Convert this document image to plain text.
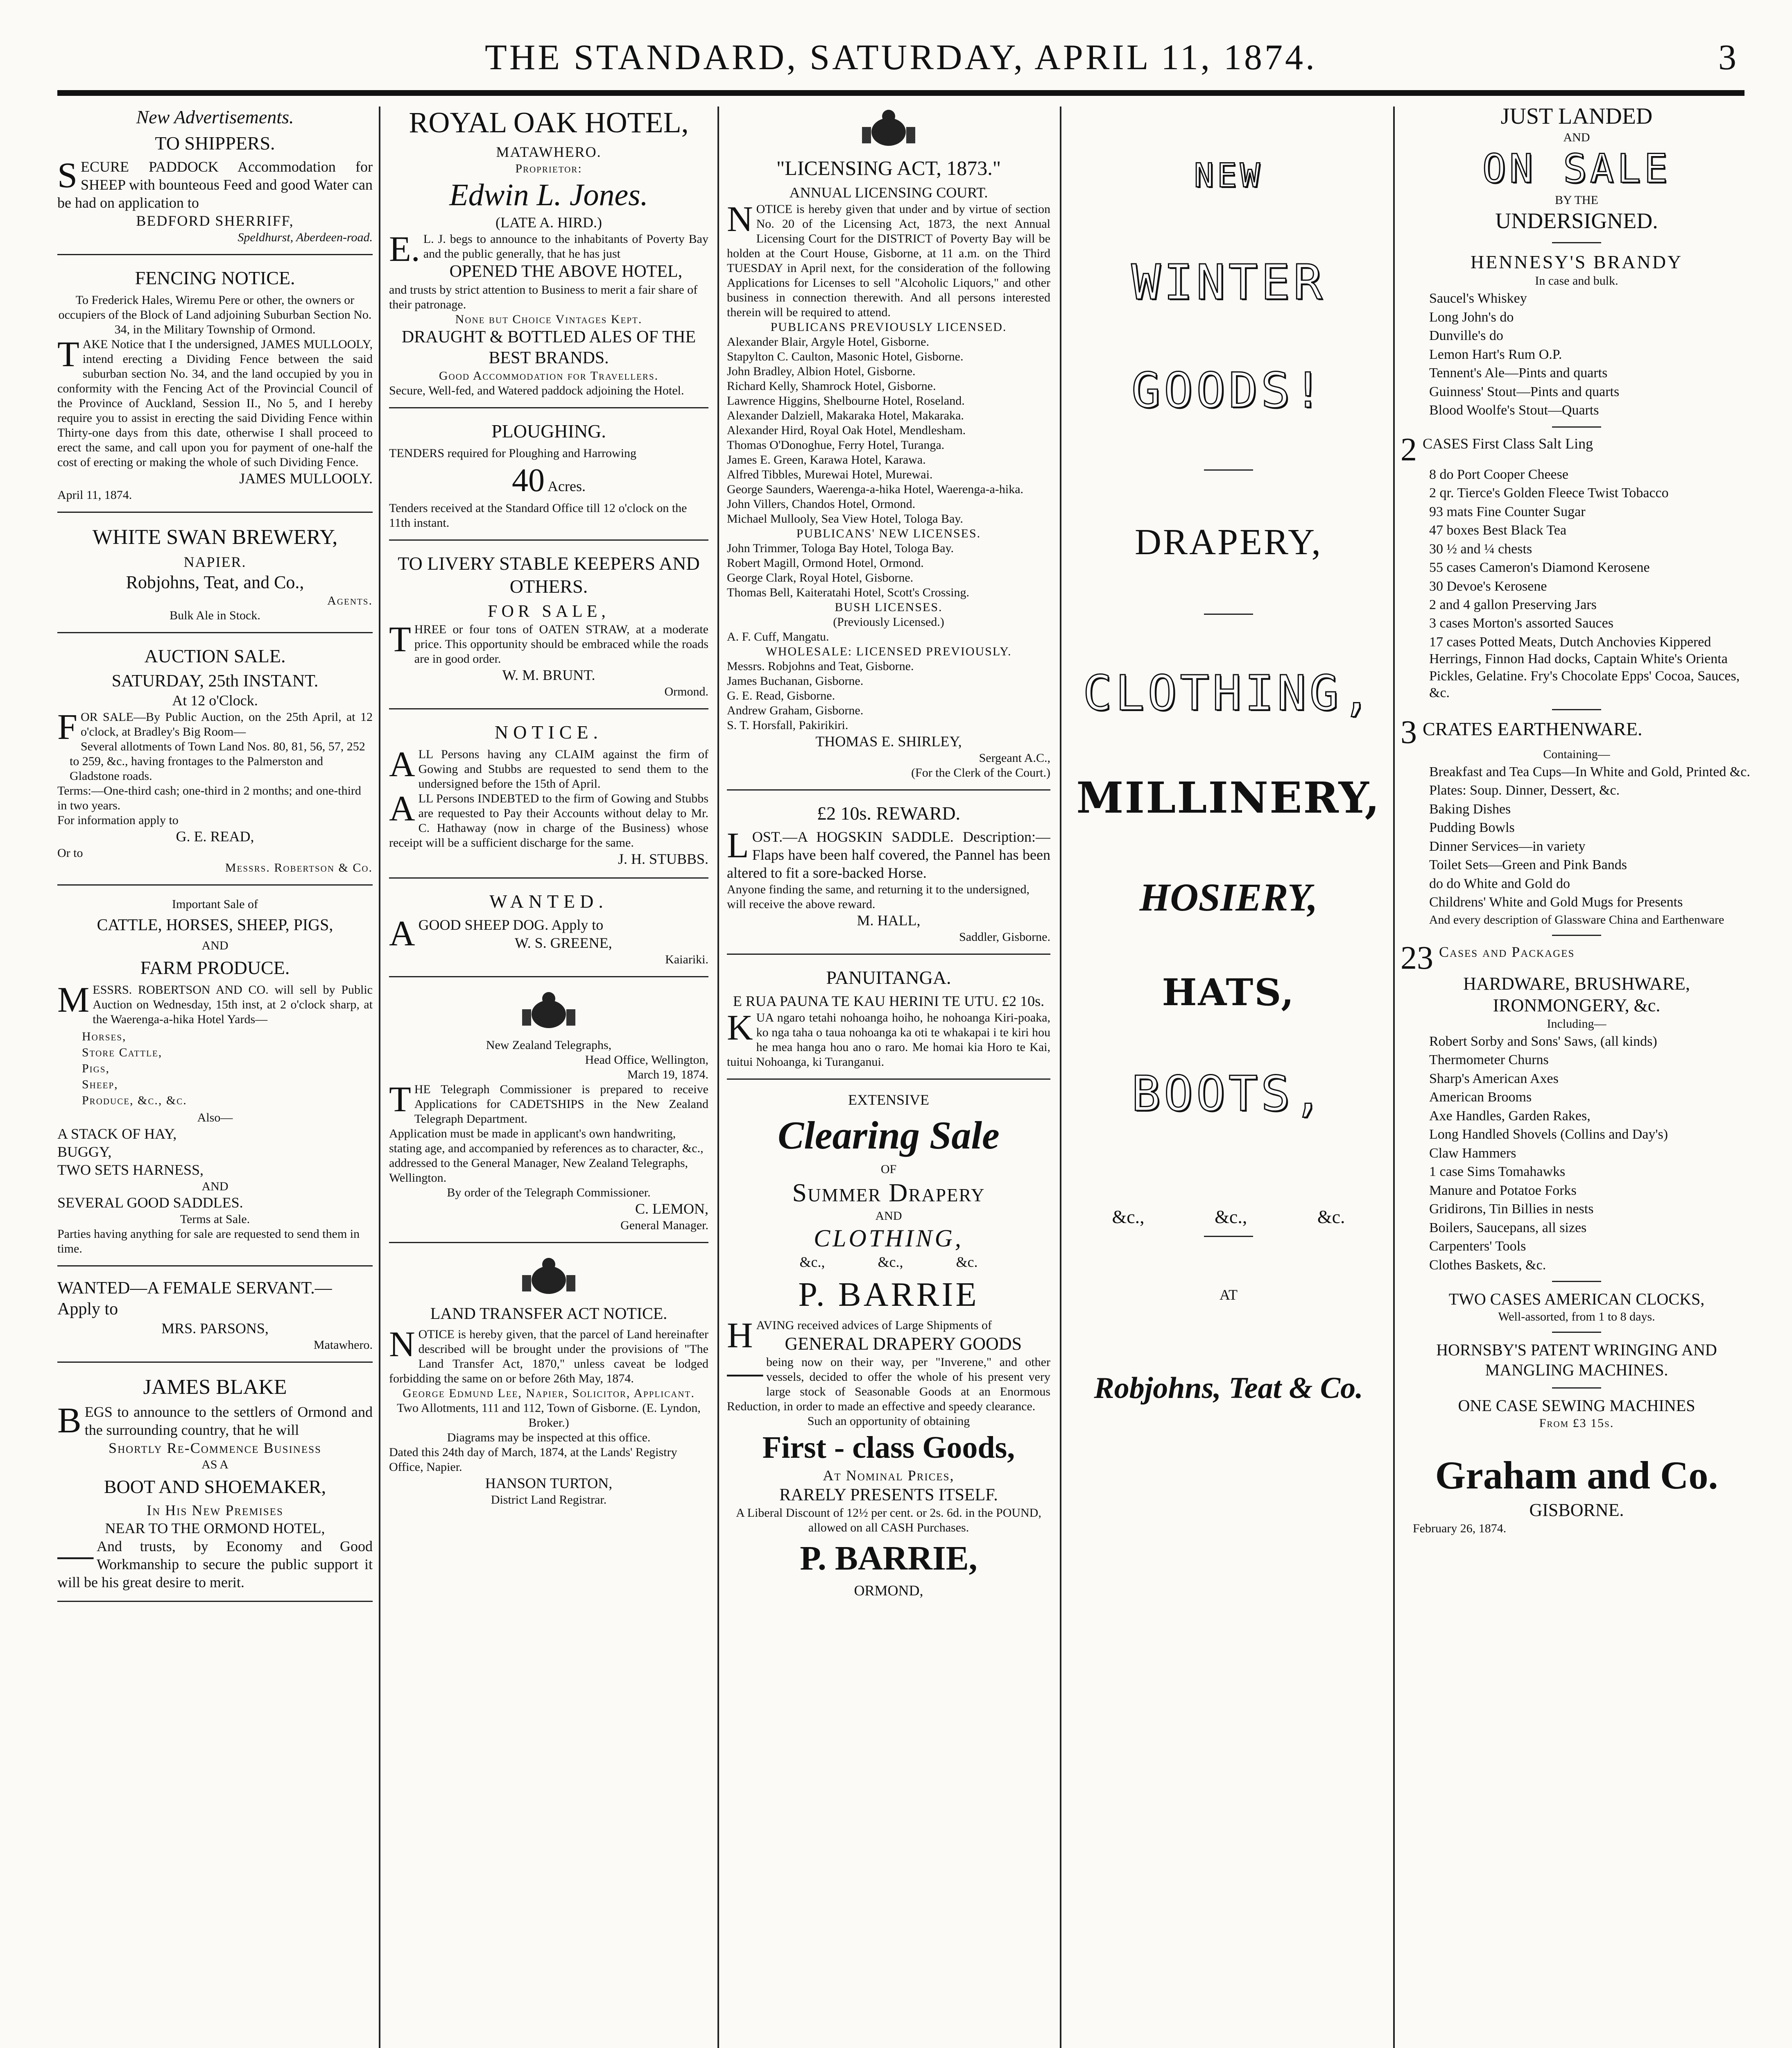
THE STANDARD, SATURDAY, APRIL 11, 1874.	3
New Advertisements.
TO SHIPPERS.
SECURE PADDOCK Accommodation for SHEEP with bounteous Feed and good Water can be had on application to
BEDFORD SHERRIFF,
Speldhurst, Aberdeen-road.
FENCING NOTICE.
To Frederick Hales, Wiremu Pere or other, the owners or occupiers of the Block of Land adjoining Suburban Section No. 34, in the Military Township of Ormond.
TAKE Notice that I the undersigned, JAMES MULLOOLY, intend erecting a Dividing Fence between the said suburban section No. 34, and the land occupied by you in conformity with the Fencing Act of the Provincial Council of the Province of Auckland, Session II., No 5, and I hereby require you to assist in erecting the said Dividing Fence within Thirty-one days from this date, otherwise I shall proceed to erect the same, and call upon you for payment of one-half the cost of erecting or making the whole of such Dividing Fence.
JAMES MULLOOLY.
April 11, 1874.
WHITE SWAN BREWERY,
NAPIER.
Robjohns, Teat, and Co.,
Agents.
Bulk Ale in Stock.
AUCTION SALE.
SATURDAY, 25th INSTANT.
At 12 o'Clock.
FOR SALE—By Public Auction, on the 25th April, at 12 o'clock, at Bradley's Big Room—
Several allotments of Town Land Nos. 80, 81, 56, 57, 252 to 259, &c., having frontages to the Palmerston and Gladstone roads.
Terms:—One-third cash; one-third in 2 months; and one-third in two years.
For information apply to
G. E. READ,
Or to
Messrs. Robertson & Co.
Important Sale of
CATTLE, HORSES, SHEEP, PIGS,
AND
FARM PRODUCE.
MESSRS. ROBERTSON AND CO. will sell by Public Auction on Wednesday, 15th inst, at 2 o'clock sharp, at the Waerenga-a-hika Hotel Yards—
Horses,
Store Cattle,
Pigs,
Sheep,
Produce, &c., &c.
Also—
A STACK OF HAY,
BUGGY,
TWO SETS HARNESS,
AND
SEVERAL GOOD SADDLES.
Terms at Sale.
Parties having anything for sale are requested to send them in time.
WANTED—A FEMALE SERVANT.—Apply to
MRS. PARSONS,
Matawhero.
JAMES BLAKE
BEGS to announce to the settlers of Ormond and the surrounding country, that he will
Shortly Re-Commence Business
AS A
BOOT AND SHOEMAKER,
In His New Premises
NEAR TO THE ORMOND HOTEL,
—And trusts, by Economy and Good Workmanship to secure the public support it will be his great desire to merit.
ROYAL OAK HOTEL,
MATAWHERO.
Proprietor:
Edwin L. Jones.
(LATE A. HIRD.)
E.L. J. begs to announce to the inhabitants of Poverty Bay and the public generally, that he has just
OPENED THE ABOVE HOTEL,
and trusts by strict attention to Business to merit a fair share of their patronage.
None but Choice Vintages Kept.
DRAUGHT & BOTTLED ALES OF THE BEST BRANDS.
Good Accommodation for Travellers.
Secure, Well-fed, and Watered paddock adjoining the Hotel.
PLOUGHING.
TENDERS required for Ploughing and Harrowing
40 Acres.
Tenders received at the Standard Office till 12 o'clock on the 11th instant.
TO LIVERY STABLE KEEPERS AND OTHERS.
FOR SALE,
THREE or four tons of OATEN STRAW, at a moderate price. This opportunity should be embraced while the roads are in good order.
W. M. BRUNT.
Ormond.
NOTICE.
ALL Persons having any CLAIM against the firm of Gowing and Stubbs are requested to send them to the undersigned before the 15th of April.
ALL Persons INDEBTED to the firm of Gowing and Stubbs are requested to Pay their Accounts without delay to Mr. C. Hathaway (now in charge of the Business) whose receipt will be a sufficient discharge for the same.
J. H. STUBBS.
WANTED.
AGOOD SHEEP DOG. Apply to
W. S. GREENE,
Kaiariki.
New Zealand Telegraphs,
Head Office, Wellington,
March 19, 1874.
THE Telegraph Commissioner is prepared to receive Applications for CADETSHIPS in the New Zealand Telegraph Department.
Application must be made in applicant's own handwriting, stating age, and accompanied by references as to character, &c., addressed to the General Manager, New Zealand Telegraphs, Wellington.
By order of the Telegraph Commissioner.
C. LEMON,
General Manager.
LAND TRANSFER ACT NOTICE.
NOTICE is hereby given, that the parcel of Land hereinafter described will be brought under the provisions of "The Land Transfer Act, 1870," unless caveat be lodged forbidding the same on or before 26th May, 1874.
George Edmund Lee, Napier, Solicitor, Applicant.
Two Allotments, 111 and 112, Town of Gisborne. (E. Lyndon, Broker.)
Diagrams may be inspected at this office.
Dated this 24th day of March, 1874, at the Lands' Registry Office, Napier.
HANSON TURTON,
District Land Registrar.
"LICENSING ACT, 1873."
ANNUAL LICENSING COURT.
NOTICE is hereby given that under and by virtue of section No. 20 of the Licensing Act, 1873, the next Annual Licensing Court for the DISTRICT of Poverty Bay will be holden at the Court House, Gisborne, at 11 a.m. on the Third TUESDAY in April next, for the consideration of the following Applications for Licenses to sell "Alcoholic Liquors," and other business in connection therewith. And all persons interested therein will be required to attend.
PUBLICANS PREVIOUSLY LICENSED.
Alexander Blair, Argyle Hotel, Gisborne.
Stapylton C. Caulton, Masonic Hotel, Gisborne.
John Bradley, Albion Hotel, Gisborne.
Richard Kelly, Shamrock Hotel, Gisborne.
Lawrence Higgins, Shelbourne Hotel, Roseland.
Alexander Dalziell, Makaraka Hotel, Makaraka.
Alexander Hird, Royal Oak Hotel, Mendlesham.
Thomas O'Donoghue, Ferry Hotel, Turanga.
James E. Green, Karawa Hotel, Karawa.
Alfred Tibbles, Murewai Hotel, Murewai.
George Saunders, Waerenga-a-hika Hotel, Waerenga-a-hika.
John Villers, Chandos Hotel, Ormond.
Michael Mullooly, Sea View Hotel, Tologa Bay.
PUBLICANS' NEW LICENSES.
John Trimmer, Tologa Bay Hotel, Tologa Bay.
Robert Magill, Ormond Hotel, Ormond.
George Clark, Royal Hotel, Gisborne.
Thomas Bell, Kaiteratahi Hotel, Scott's Crossing.
BUSH LICENSES.
(Previously Licensed.)
A. F. Cuff, Mangatu.
WHOLESALE: LICENSED PREVIOUSLY.
Messrs. Robjohns and Teat, Gisborne.
James Buchanan, Gisborne.
G. E. Read, Gisborne.
Andrew Graham, Gisborne.
S. T. Horsfall, Pakirikiri.
THOMAS E. SHIRLEY,
Sergeant A.C.,
(For the Clerk of the Court.)
£2 10s. REWARD.
LOST.—A HOGSKIN SADDLE. Description:—Flaps have been half covered, the Pannel has been altered to fit a sore-backed Horse.
Anyone finding the same, and returning it to the undersigned, will receive the above reward.
M. HALL,
Saddler, Gisborne.
PANUITANGA.
E RUA PAUNA TE KAU HERINI TE UTU. £2 10s.
KUA ngaro tetahi nohoanga hoiho, he nohoanga Kiri-poaka, ko nga taha o taua nohoanga ka oti te whakapai i te kiri hou he mea hanga hou ano o raro. Me homai kia Horo te Kai, tuitui Nohoanga, ki Turanganui.
EXTENSIVE
Clearing Sale
OF
Summer Drapery
AND
CLOTHING,
&c.,	&c.,	&c.
P. BARRIE
HAVING received advices of Large Shipments of
GENERAL DRAPERY GOODS
—being now on their way, per "Inverene," and other vessels, decided to offer the whole of his present very large stock of Seasonable Goods at an Enormous Reduction, in order to made an effective and speedy clearance.
Such an opportunity of obtaining
First - class Goods,
At Nominal Prices,
RARELY PRESENTS ITSELF.
A Liberal Discount of 12½ per cent. or 2s. 6d. in the POUND, allowed on all CASH Purchases.
P. BARRIE,
ORMOND,
NEW
WINTER
GOODS!
DRAPERY,
CLOTHING,
MILLINERY,
HOSIERY,
HATS,
BOOTS,
&c.,	&c.,	&c.
AT
Robjohns, Teat & Co.
JUST LANDED
AND
ON SALE
BY THE
UNDERSIGNED.
HENNESY'S BRANDY
In case and bulk.
Saucel's Whiskey
Long John's do
Dunville's do
Lemon Hart's Rum O.P.
Tennent's Ale—Pints and quarts
Guinness' Stout—Pints and quarts
Blood Woolfe's Stout—Quarts
2 CASES First Class Salt Ling
8 do Port Cooper Cheese
2 qr. Tierce's Golden Fleece Twist Tobacco
93 mats Fine Counter Sugar
47 boxes Best Black Tea
30 ½ and ¼ chests
55 cases Cameron's Diamond Kerosene
30 Devoe's Kerosene
2 and 4 gallon Preserving Jars
3 cases Morton's assorted Sauces
17 cases Potted Meats, Dutch Anchovies Kippered Herrings, Finnon Had docks, Captain White's Orienta Pickles, Gelatine. Fry's Chocolate Epps' Cocoa, Sauces, &c.
3 CRATES EARTHENWARE.
Containing—
Breakfast and Tea Cups—In White and Gold, Printed &c.
Plates: Soup. Dinner, Dessert, &c.
Baking Dishes
Pudding Bowls
Dinner Services—in variety
Toilet Sets—Green and Pink Bands
do do White and Gold do
Childrens' White and Gold Mugs for Presents
And every description of Glassware China and Earthenware
23 Cases and Packages
HARDWARE, BRUSHWARE, IRONMONGERY, &c.
Including—
Robert Sorby and Sons' Saws, (all kinds)
Thermometer Churns
Sharp's American Axes
American Brooms
Axe Handles, Garden Rakes,
Long Handled Shovels (Collins and Day's)
Claw Hammers
1 case Sims Tomahawks
Manure and Potatoe Forks
Gridirons, Tin Billies in nests
Boilers, Saucepans, all sizes
Carpenters' Tools
Clothes Baskets, &c.
TWO CASES AMERICAN CLOCKS,
Well-assorted, from 1 to 8 days.
HORNSBY'S PATENT WRINGING AND MANGLING MACHINES.
ONE CASE SEWING MACHINES
From £3 15s.
Graham and Co.
GISBORNE.
February 26, 1874.
